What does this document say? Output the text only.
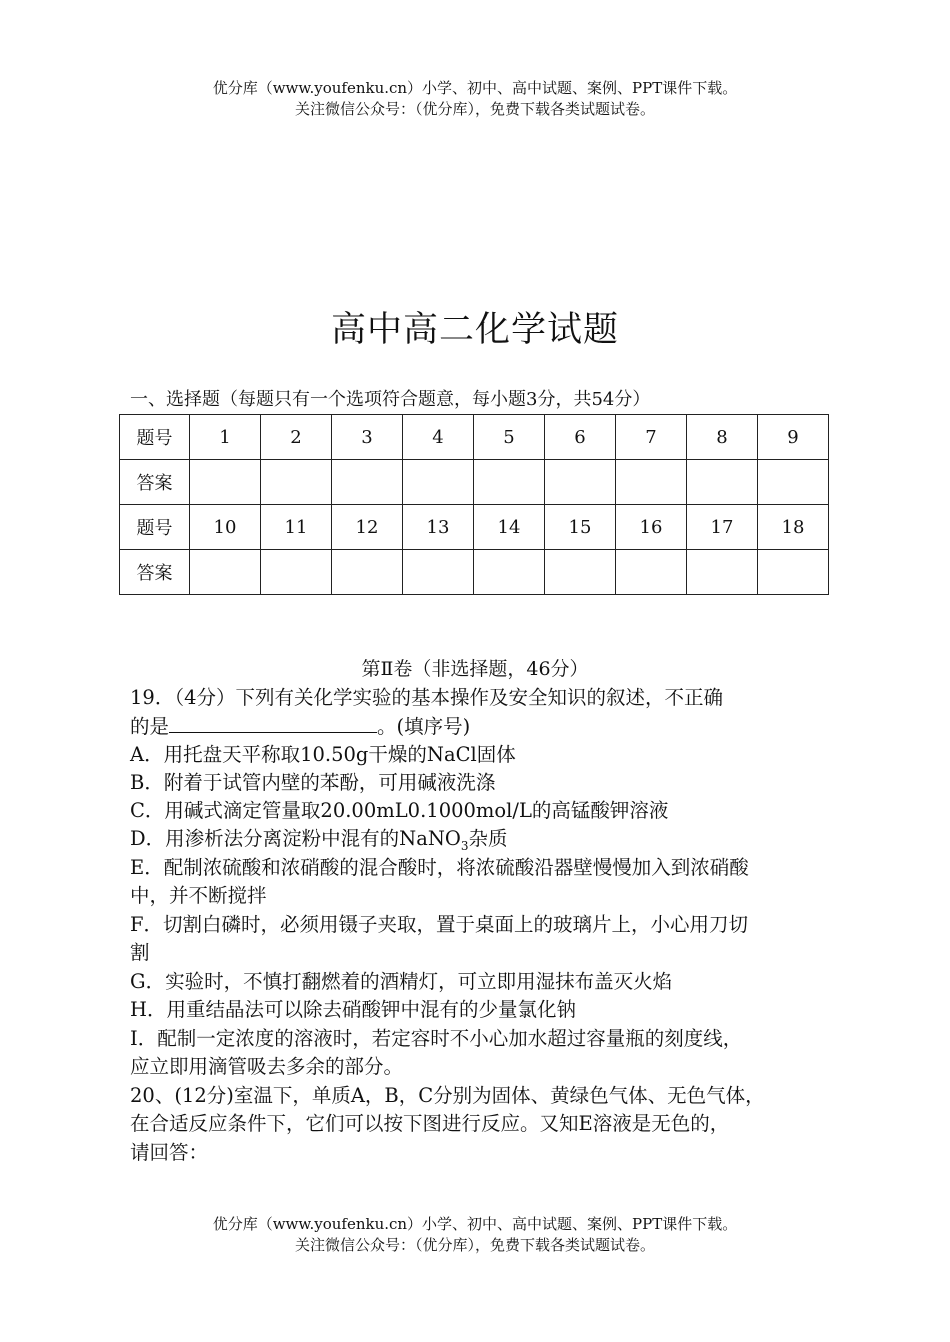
优分库（www.youfenku.cn）小学、初中、高中试题、案例、PPT课件下载。
关注微信公众号：（优分库），免费下载各类试题试卷。
高中高二化学试题
一、选择题（每题只有一个选项符合题意，每小题3分，共54分）
题号	1	2	3	4	5	6	7	8	9
答案									
题号	10	11	12	13	14	15	16	17	18
答案									
第Ⅱ卷（非选择题，46分）
19．（4分）下列有关化学实验的基本操作及安全知识的叙述，不正确
的是	。(填序号)
A．用托盘天平称取10.50g干燥的NaCl固体
B．附着于试管内壁的苯酚，可用碱液洗涤
C．用碱式滴定管量取20.00mL0.1000mol/L的高锰酸钾溶液
D．用渗析法分离淀粉中混有的NaNO$_3$杂质
E．配制浓硫酸和浓硝酸的混合酸时，将浓硫酸沿器壁慢慢加入到浓硝酸
中，并不断搅拌
F．切割白磷时，必须用镊子夹取，置于桌面上的玻璃片上，小心用刀切
割
G．实验时，不慎打翻燃着的酒精灯，可立即用湿抹布盖灭火焰
H．用重结晶法可以除去硝酸钾中混有的少量氯化钠
I．配制一定浓度的溶液时，若定容时不小心加水超过容量瓶的刻度线，
应立即用滴管吸去多余的部分。
20、(12分)室温下，单质A，B，C分别为固体、黄绿色气体、无色气体，
在合适反应条件下，它们可以按下图进行反应。又知E溶液是无色的，
请回答：
优分库（www.youfenku.cn）小学、初中、高中试题、案例、PPT课件下载。
关注微信公众号：（优分库），免费下载各类试题试卷。
